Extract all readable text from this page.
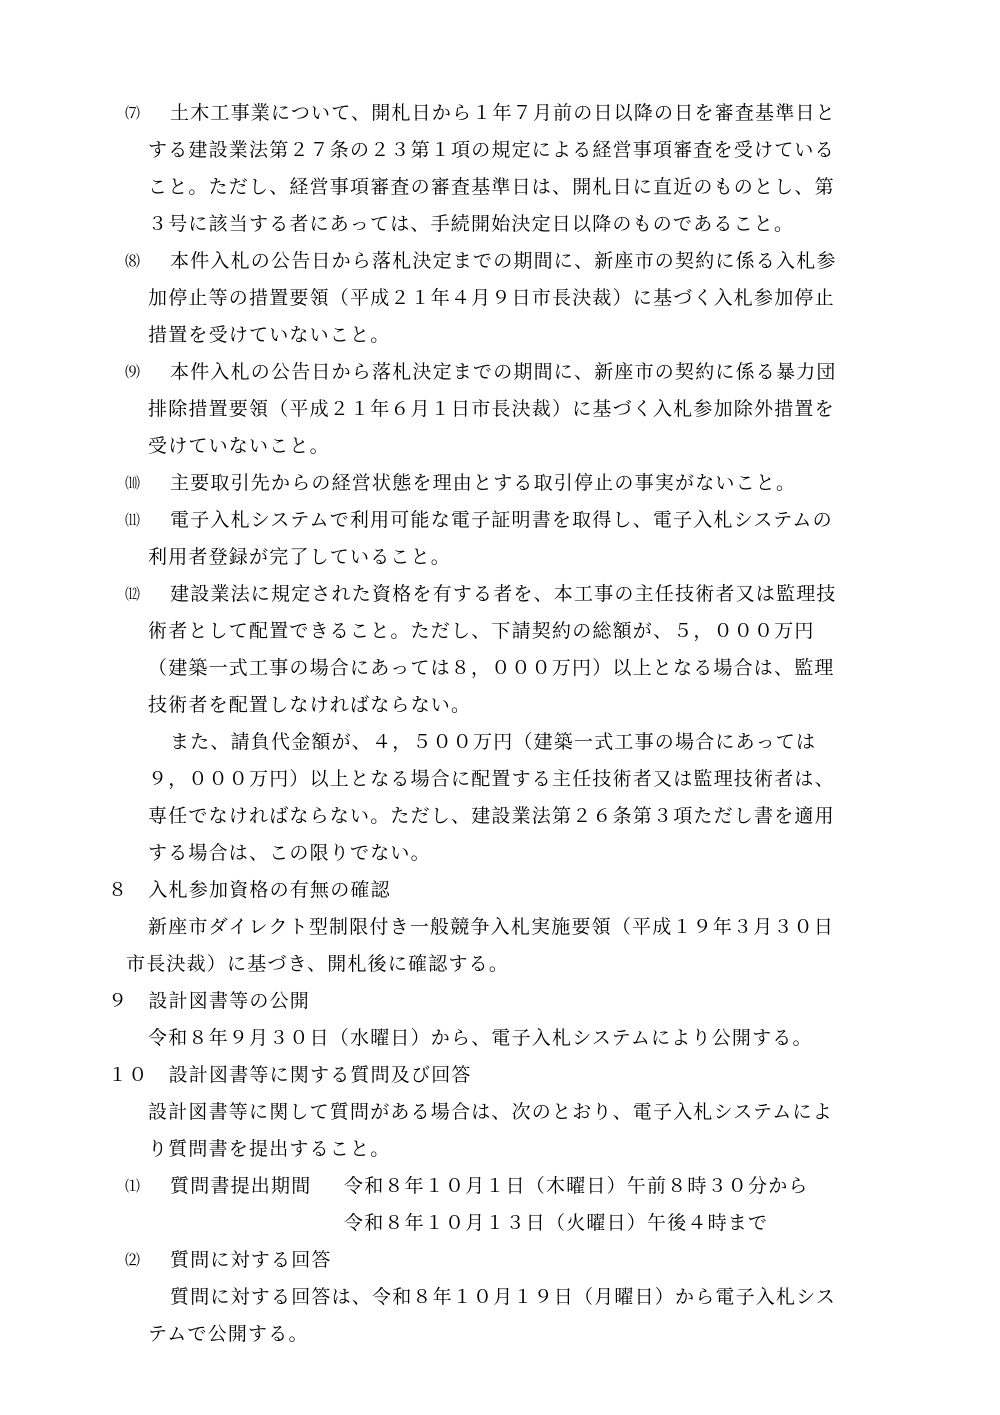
⑺ 土木工事業について、開札日から１年７月前の日以降の日を審査基準日と
する建設業法第２７条の２３第１項の規定による経営事項審査を受けている
こと。ただし、経営事項審査の審査基準日は、開札日に直近のものとし、第
３号に該当する者にあっては、手続開始決定日以降のものであること。
⑻ 本件入札の公告日から落札決定までの期間に、新座市の契約に係る入札参
加停止等の措置要領（平成２１年４月９日市長決裁）に基づく入札参加停止
措置を受けていないこと。
⑼ 本件入札の公告日から落札決定までの期間に、新座市の契約に係る暴力団
排除措置要領（平成２１年６月１日市長決裁）に基づく入札参加除外措置を
受けていないこと。
⑽ 主要取引先からの経営状態を理由とする取引停止の事実がないこと。
⑾ 電子入札システムで利用可能な電子証明書を取得し、電子入札システムの
利用者登録が完了していること。
⑿ 建設業法に規定された資格を有する者を、本工事の主任技術者又は監理技
術者として配置できること。ただし、下請契約の総額が、５，０００万円
（建築一式工事の場合にあっては８，０００万円）以上となる場合は、監理
技術者を配置しなければならない。
また、請負代金額が、４，５００万円（建築一式工事の場合にあっては
９，０００万円）以上となる場合に配置する主任技術者又は監理技術者は、
専任でなければならない。ただし、建設業法第２６条第３項ただし書を適用
する場合は、この限りでない。
８　入札参加資格の有無の確認
新座市ダイレクト型制限付き一般競争入札実施要領（平成１９年３月３０日
市長決裁）に基づき、開札後に確認する。
９　設計図書等の公開
令和８年９月３０日（水曜日）から、電子入札システムにより公開する。
１０　設計図書等に関する質問及び回答
設計図書等に関して質問がある場合は、次のとおり、電子入札システムによ
り質問書を提出すること。
⑴ 質問書提出期間 令和８年１０月１日（木曜日）午前８時３０分から
令和８年１０月１３日（火曜日）午後４時まで
⑵ 質問に対する回答
質問に対する回答は、令和８年１０月１９日（月曜日）から電子入札シス
テムで公開する。
